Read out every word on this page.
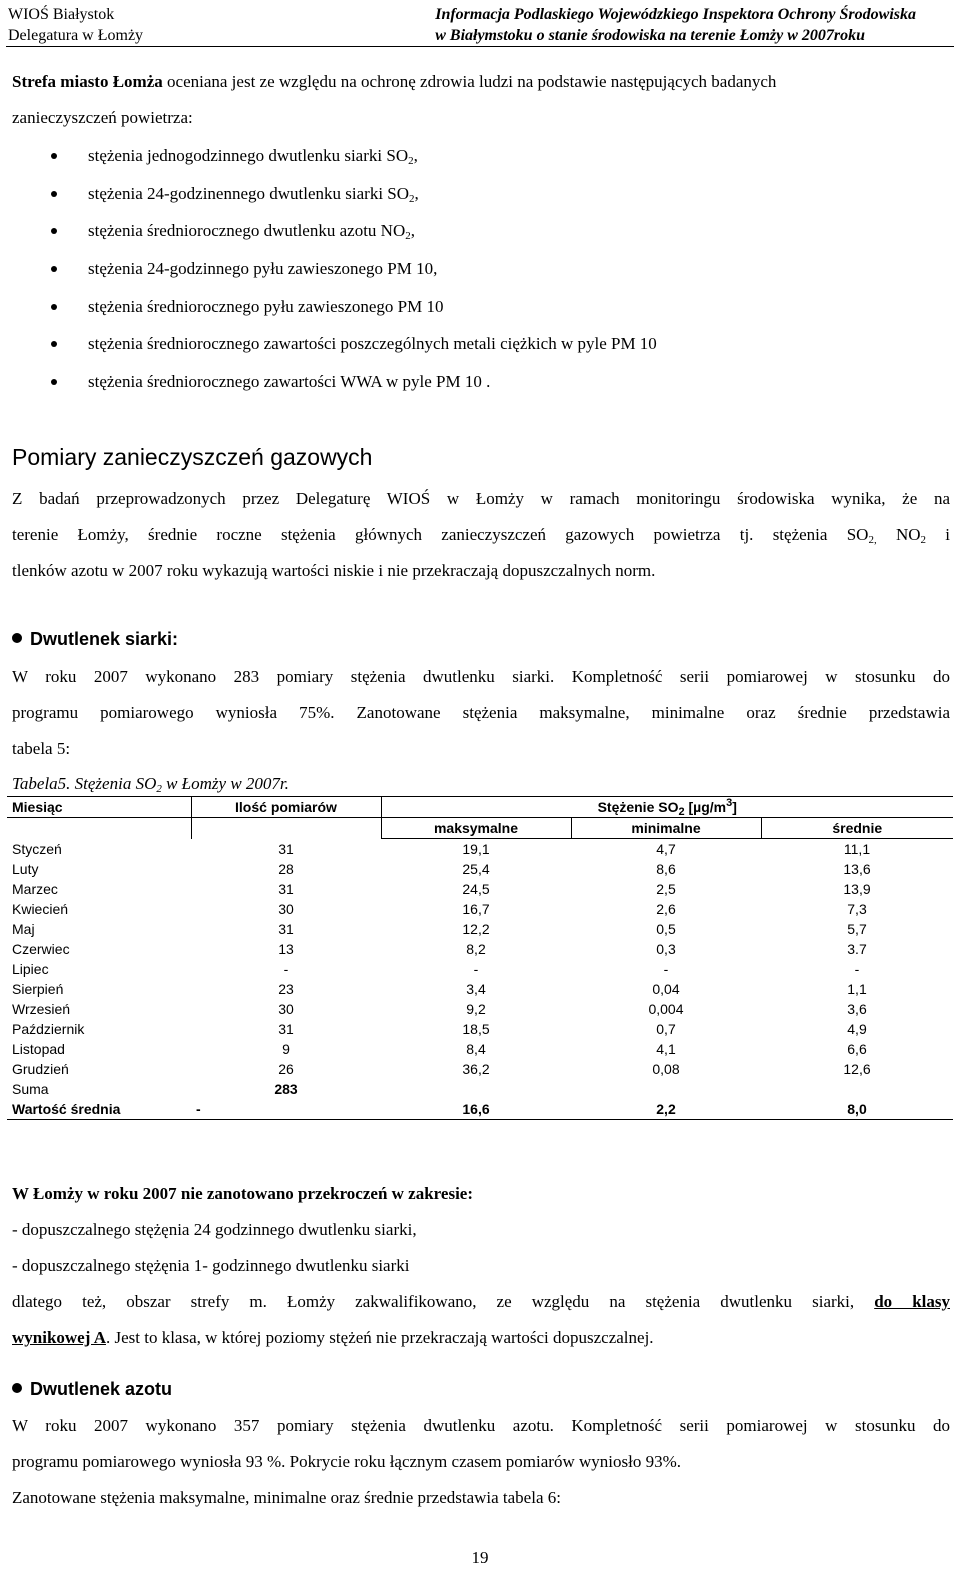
WIOŚ Białystok
Delegatura w Łomży
Informacja Podlaskiego Wojewódzkiego Inspektora Ochrony Środowiska
w Białymstoku o stanie środowiska na terenie Łomży w 2007roku

Strefa miasto Łomża oceniana jest ze względu na ochronę zdrowia ludzi na podstawie następujących badanych

zanieczyszczeń powietrza:

stężenia jednogodzinnego dwutlenku siarki $SO_2$,
stężenia 24-godzinennego dwutlenku siarki $SO_2$,
stężenia średniorocznego dwutlenku azotu $NO_2$,
stężenia 24-godzinnego pyłu zawieszonego PM 10,
stężenia średniorocznego pyłu zawieszonego PM 10
stężenia średniorocznego zawartości poszczególnych metali ciężkich w pyle PM 10
stężenia średniorocznego zawartości WWA w pyle PM 10 .
Pomiary zanieczyszczeń gazowych

Z badań przeprowadzonych przez Delegaturę WIOŚ w Łomży w ramach monitoringu środowiska wynika, że na

terenie Łomży, średnie roczne stężenia głównych zanieczyszczeń gazowych powietrza tj. stężenia $SO_{2,}$ $NO_2$ i

tlenków azotu w 2007 roku wykazują wartości niskie i nie przekraczają dopuszczalnych norm.

Dwutlenek siarki:

W roku 2007 wykonano 283 pomiary stężenia dwutlenku siarki. Kompletność serii pomiarowej w stosunku do

programu pomiarowego wyniosła 75%. Zanotowane stężenia maksymalne, minimalne oraz średnie przedstawia

tabela 5:

Tabela5. Stężenia $SO_2$ w Łomży w 2007r.
Miesiąc	Ilość pomiarów	Stężenie $SO_2$ $[\mu g/m^3]$		
		maksymalne	minimalne	średnie
Styczeń	31	19,1	4,7	11,1
Luty	28	25,4	8,6	13,6
Marzec	31	24,5	2,5	13,9
Kwiecień	30	16,7	2,6	7,3
Maj	31	12,2	0,5	5,7
Czerwiec	13	8,2	0,3	3.7
Lipiec	-	-	-	-
Sierpień	23	3,4	0,04	1,1
Wrzesień	30	9,2	0,004	3,6
Październik	31	18,5	0,7	4,9
Listopad	9	8,4	4,1	6,6
Grudzień	26	36,2	0,08	12,6
Suma	283			
Wartość średnia	-	16,6	2,2	8,0

W Łomży w roku 2007 nie zanotowano przekroczeń w zakresie:

- dopuszczalnego stężęnia 24 godzinnego dwutlenku siarki,

- dopuszczalnego stężęnia 1- godzinnego dwutlenku siarki

dlatego też, obszar strefy m. Łomży zakwalifikowano, ze względu na stężenia dwutlenku siarki, do klasy

wynikowej A. Jest to klasa, w której poziomy stężeń nie przekraczają wartości dopuszczalnej.

Dwutlenek azotu

W roku 2007 wykonano 357 pomiary stężenia dwutlenku azotu. Kompletność serii pomiarowej w stosunku do

programu pomiarowego wyniosła 93 %. Pokrycie roku łącznym czasem pomiarów wyniosło 93%.

Zanotowane stężenia maksymalne, minimalne oraz średnie przedstawia tabela 6:

19
